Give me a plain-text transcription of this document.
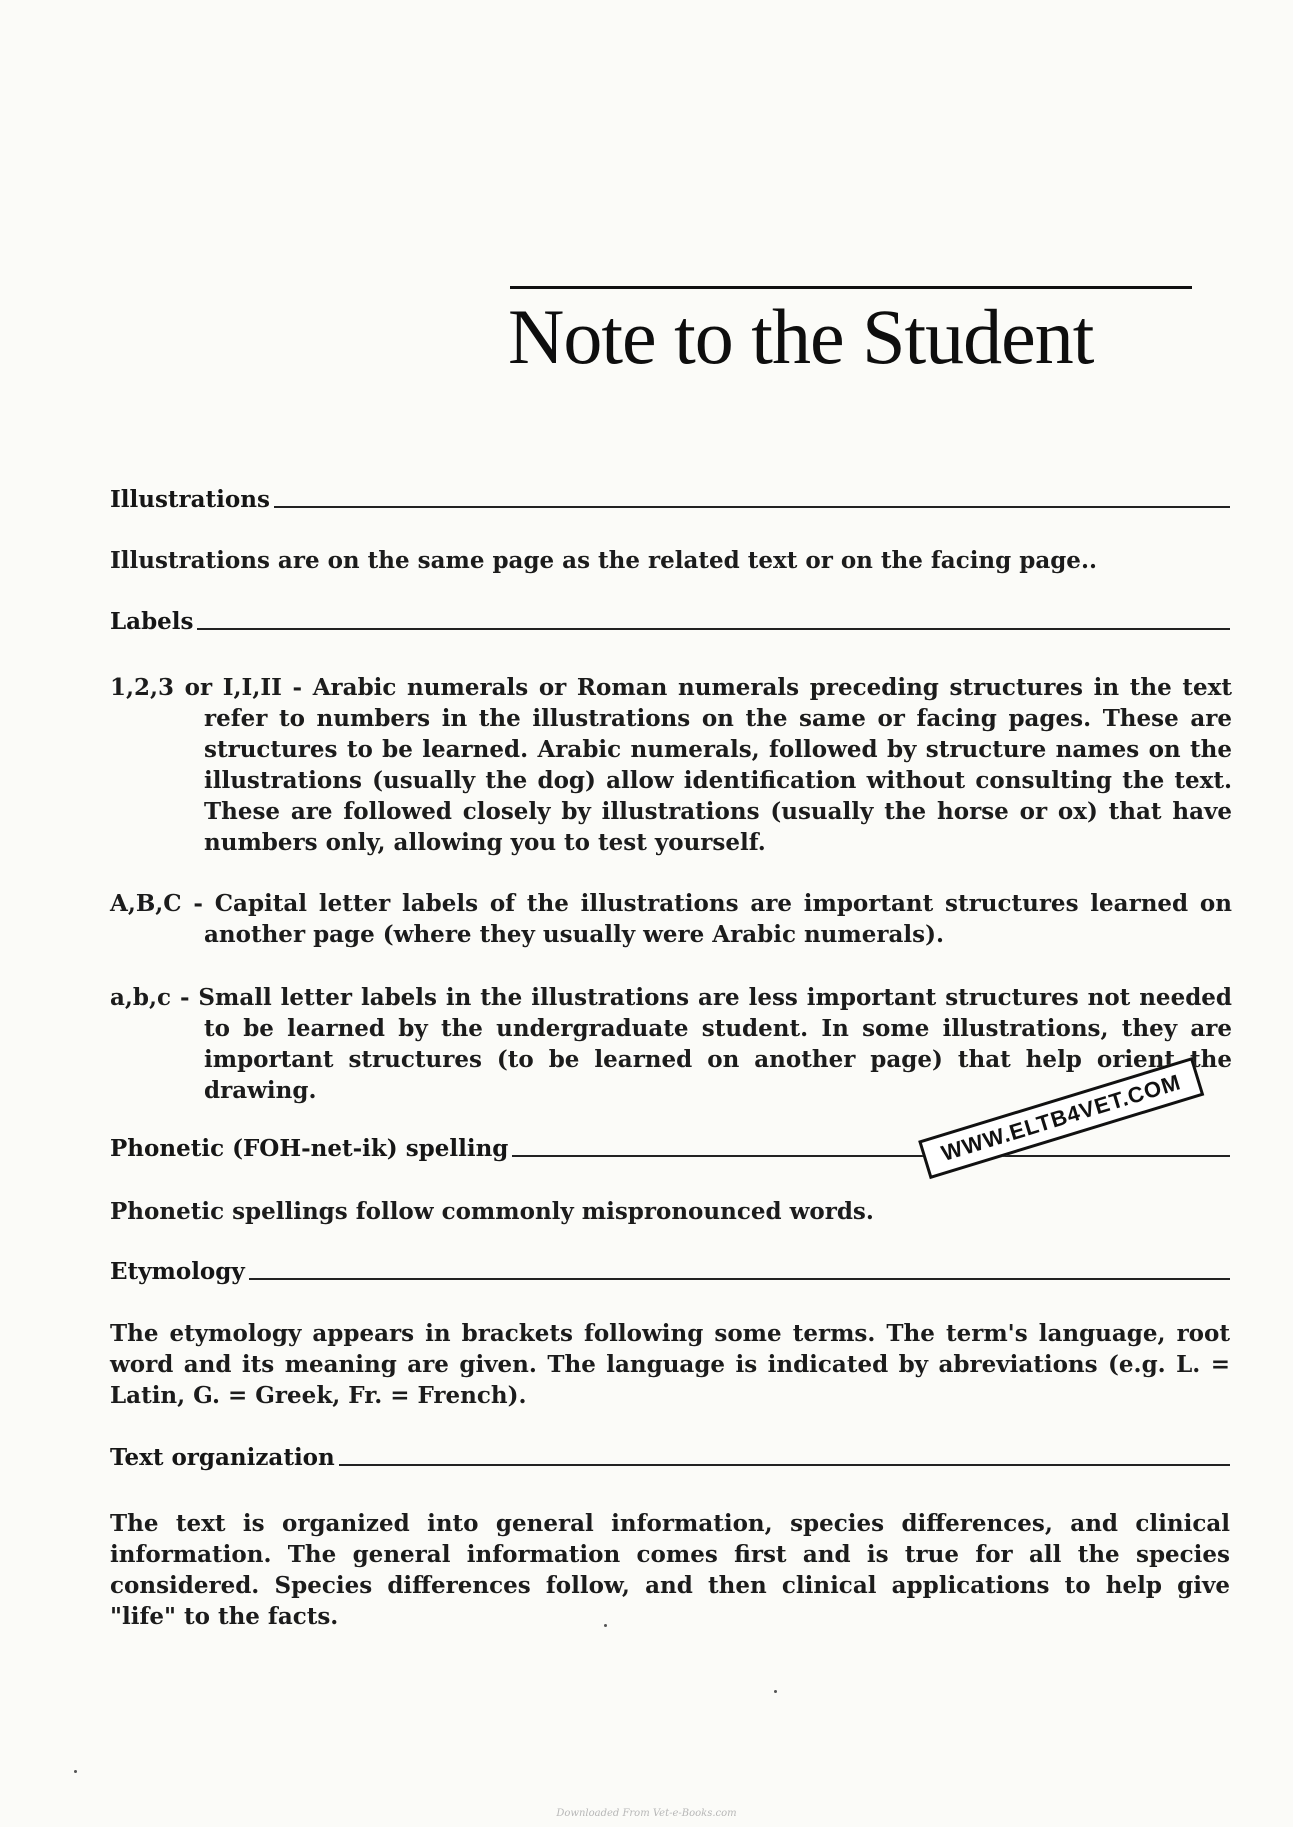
Note to the Student
Illustrations

Illustrations are on the same page as the related text or on the facing page..

Labels

1,2,3 or I,I,II - Arabic numerals or Roman numerals preceding structures in the text refer to numbers in the illustrations on the same or facing pages. These are structures to be learned. Arabic numerals, followed by structure names on the illustrations (usually the dog) allow identification without consulting the text. These are followed closely by illustrations (usually the horse or ox) that have numbers only, allowing you to test yourself.

A,B,C - Capital letter labels of the illustrations are important structures learned on another page (where they usually were Arabic numerals).

a,b,c - Small letter labels in the illustrations are less important structures not needed to be learned by the undergraduate student. In some illustrations, they are important structures (to be learned on another page) that help orient the drawing.

Phonetic (FOH-net-ik) spelling

Phonetic spellings follow commonly mispronounced words.

WWW.ELTB4VET.COM
Etymology

The etymology appears in brackets following some terms. The term's language, root word and its meaning are given. The language is indicated by abreviations (e.g. L. = Latin, G. = Greek, Fr. = French).

Text organization

The text is organized into general information, species differences, and clinical information. The general information comes first and is true for all the species considered. Species differences follow, and then clinical applications to help give "life" to the facts.

Downloaded From Vet-e-Books.com
